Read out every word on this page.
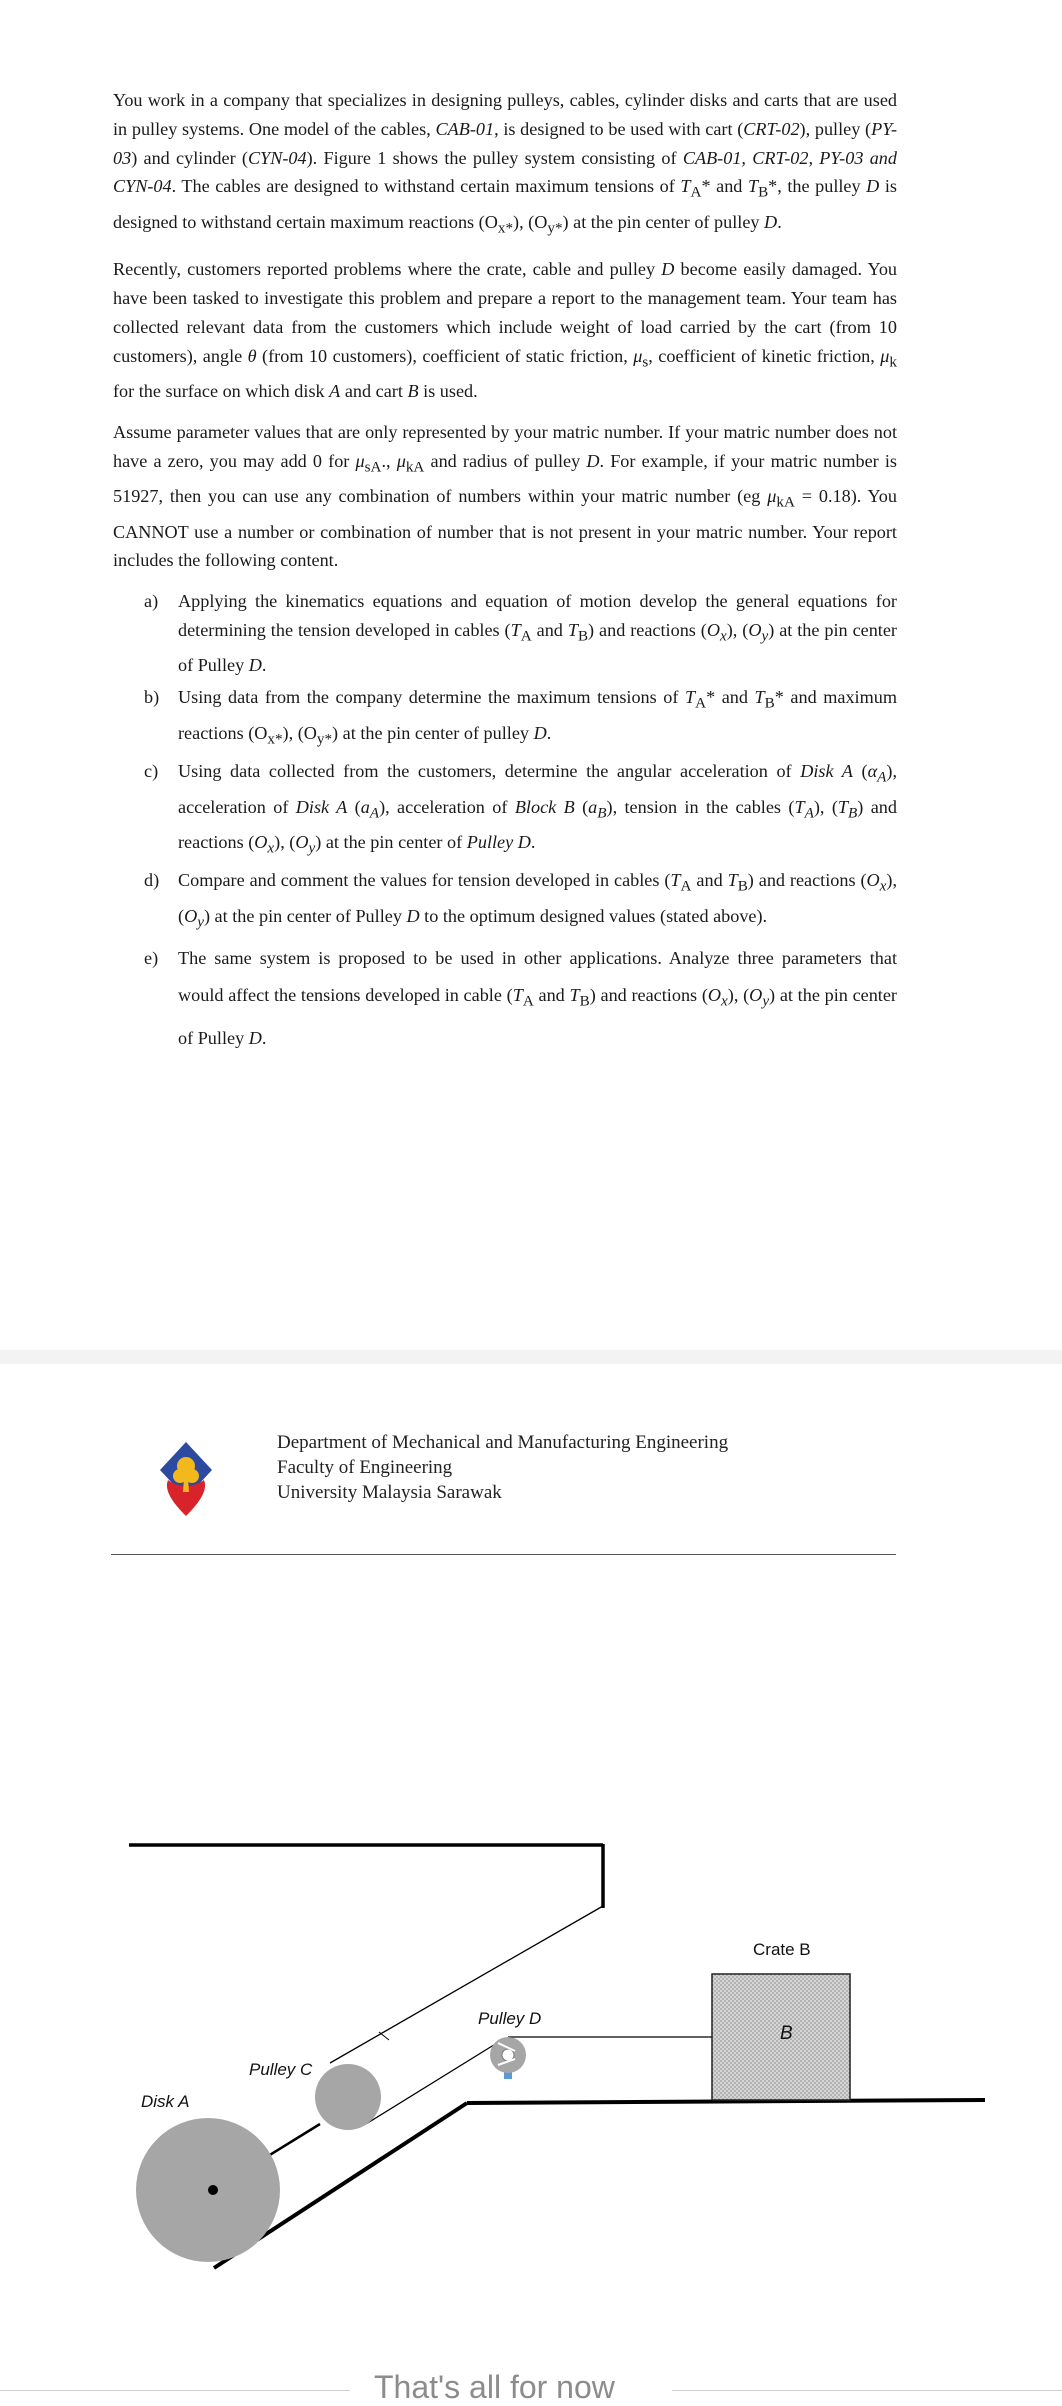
You work in a company that specializes in designing pulleys, cables, cylinder disks and carts that are used in pulley systems. One model of the cables, CAB-01, is designed to be used with cart (CRT-02), pulley (PY-03) and cylinder (CYN-04). Figure 1 shows the pulley system consisting of CAB-01, CRT-02, PY-03 and CYN-04. The cables are designed to withstand certain maximum tensions of $T_A*$ and $T_B*$, the pulley D is designed to withstand certain maximum reactions $(O_{x*})$, $(O_{y*})$ at the pin center of pulley D.

Recently, customers reported problems where the crate, cable and pulley D become easily damaged. You have been tasked to investigate this problem and prepare a report to the management team. Your team has collected relevant data from the customers which include weight of load carried by the cart (from 10 customers), angle θ (from 10 customers), coefficient of static friction, $\mu_s$, coefficient of kinetic friction, $\mu_k$ for the surface on which disk A and cart B is used.

Assume parameter values that are only represented by your matric number. If your matric number does not have a zero, you may add 0 for $\mu_{sA}$., $\mu_{kA}$ and radius of pulley D. For example, if your matric number is 51927, then you can use any combination of numbers within your matric number (eg $\mu_{kA} = 0.18$). You CANNOT use a number or combination of number that is not present in your matric number. Your report includes the following content.

a) Applying the kinematics equations and equation of motion develop the general equations for determining the tension developed in cables ($T_A$ and $T_B$) and reactions $(O_x)$, $(O_y)$ at the pin center of Pulley D.
b) Using data from the company determine the maximum tensions of $T_A*$ and $T_B*$ and maximum reactions $(O_{x*})$, $(O_{y*})$ at the pin center of pulley D.
c) Using data collected from the customers, determine the angular acceleration of Disk A $(\alpha_A)$, acceleration of Disk A $(a_A)$, acceleration of Block B $(a_B)$, tension in the cables $(T_A)$, $(T_B)$ and reactions $(O_x)$, $(O_y)$ at the pin center of Pulley D.
d) Compare and comment the values for tension developed in cables ($T_A$ and $T_B$) and reactions $(O_x)$, $(O_y)$ at the pin center of Pulley D to the optimum designed values (stated above).
e) The same system is proposed to be used in other applications. Analyze three parameters that would affect the tensions developed in cable ($T_A$ and $T_B$) and reactions $(O_x)$, $(O_y)$ at the pin center of Pulley D.
Department of Mechanical and Manufacturing Engineering
Faculty of Engineering
University Malaysia Sarawak
Crate B
B
Pulley D
Pulley C
Disk A
That's all for now
